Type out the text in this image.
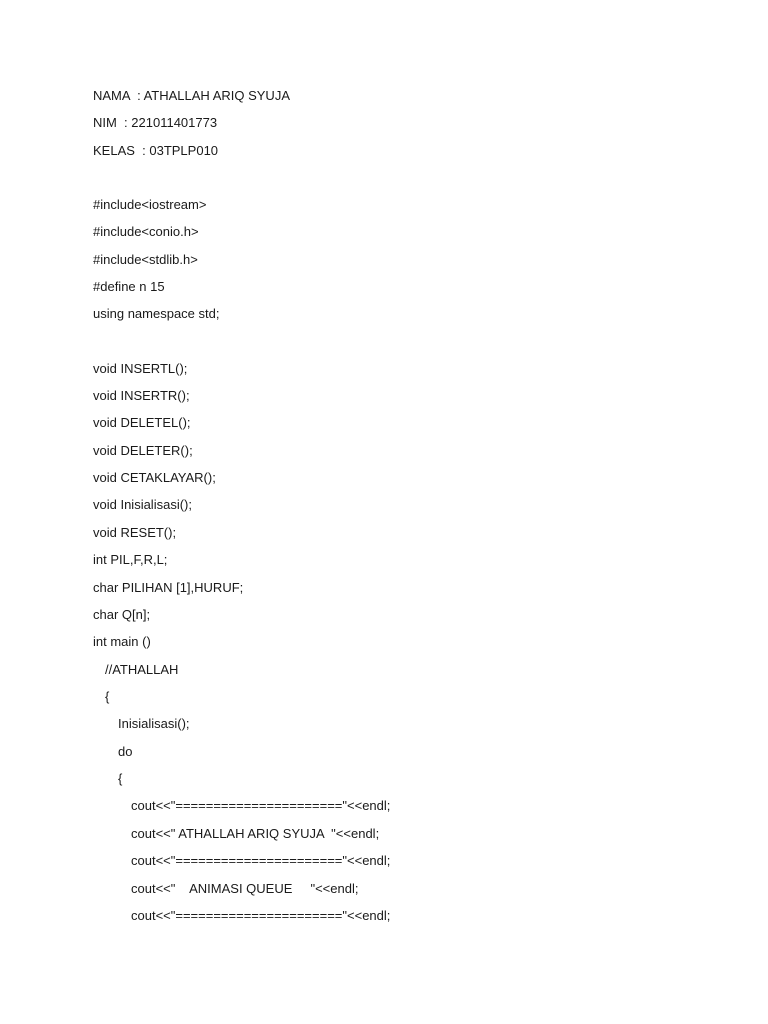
NAMA  : ATHALLAH ARIQ SYUJA
NIM  : 221011401773
KELAS  : 03TPLP010
#include<iostream>
#include<conio.h>
#include<stdlib.h>
#define n 15
using namespace std;
void INSERTL();
void INSERTR();
void DELETEL();
void DELETER();
void CETAKLAYAR();
void Inisialisasi();
void RESET();
int PIL,F,R,L;
char PILIHAN [1],HURUF;
char Q[n];
int main ()
//ATHALLAH
{
Inisialisasi();
do
{
cout<<"======================"<<endl;
cout<<" ATHALLAH ARIQ SYUJA  "<<endl;
cout<<"======================"<<endl;
cout<<"    ANIMASI QUEUE     "<<endl;
cout<<"======================"<<endl;
